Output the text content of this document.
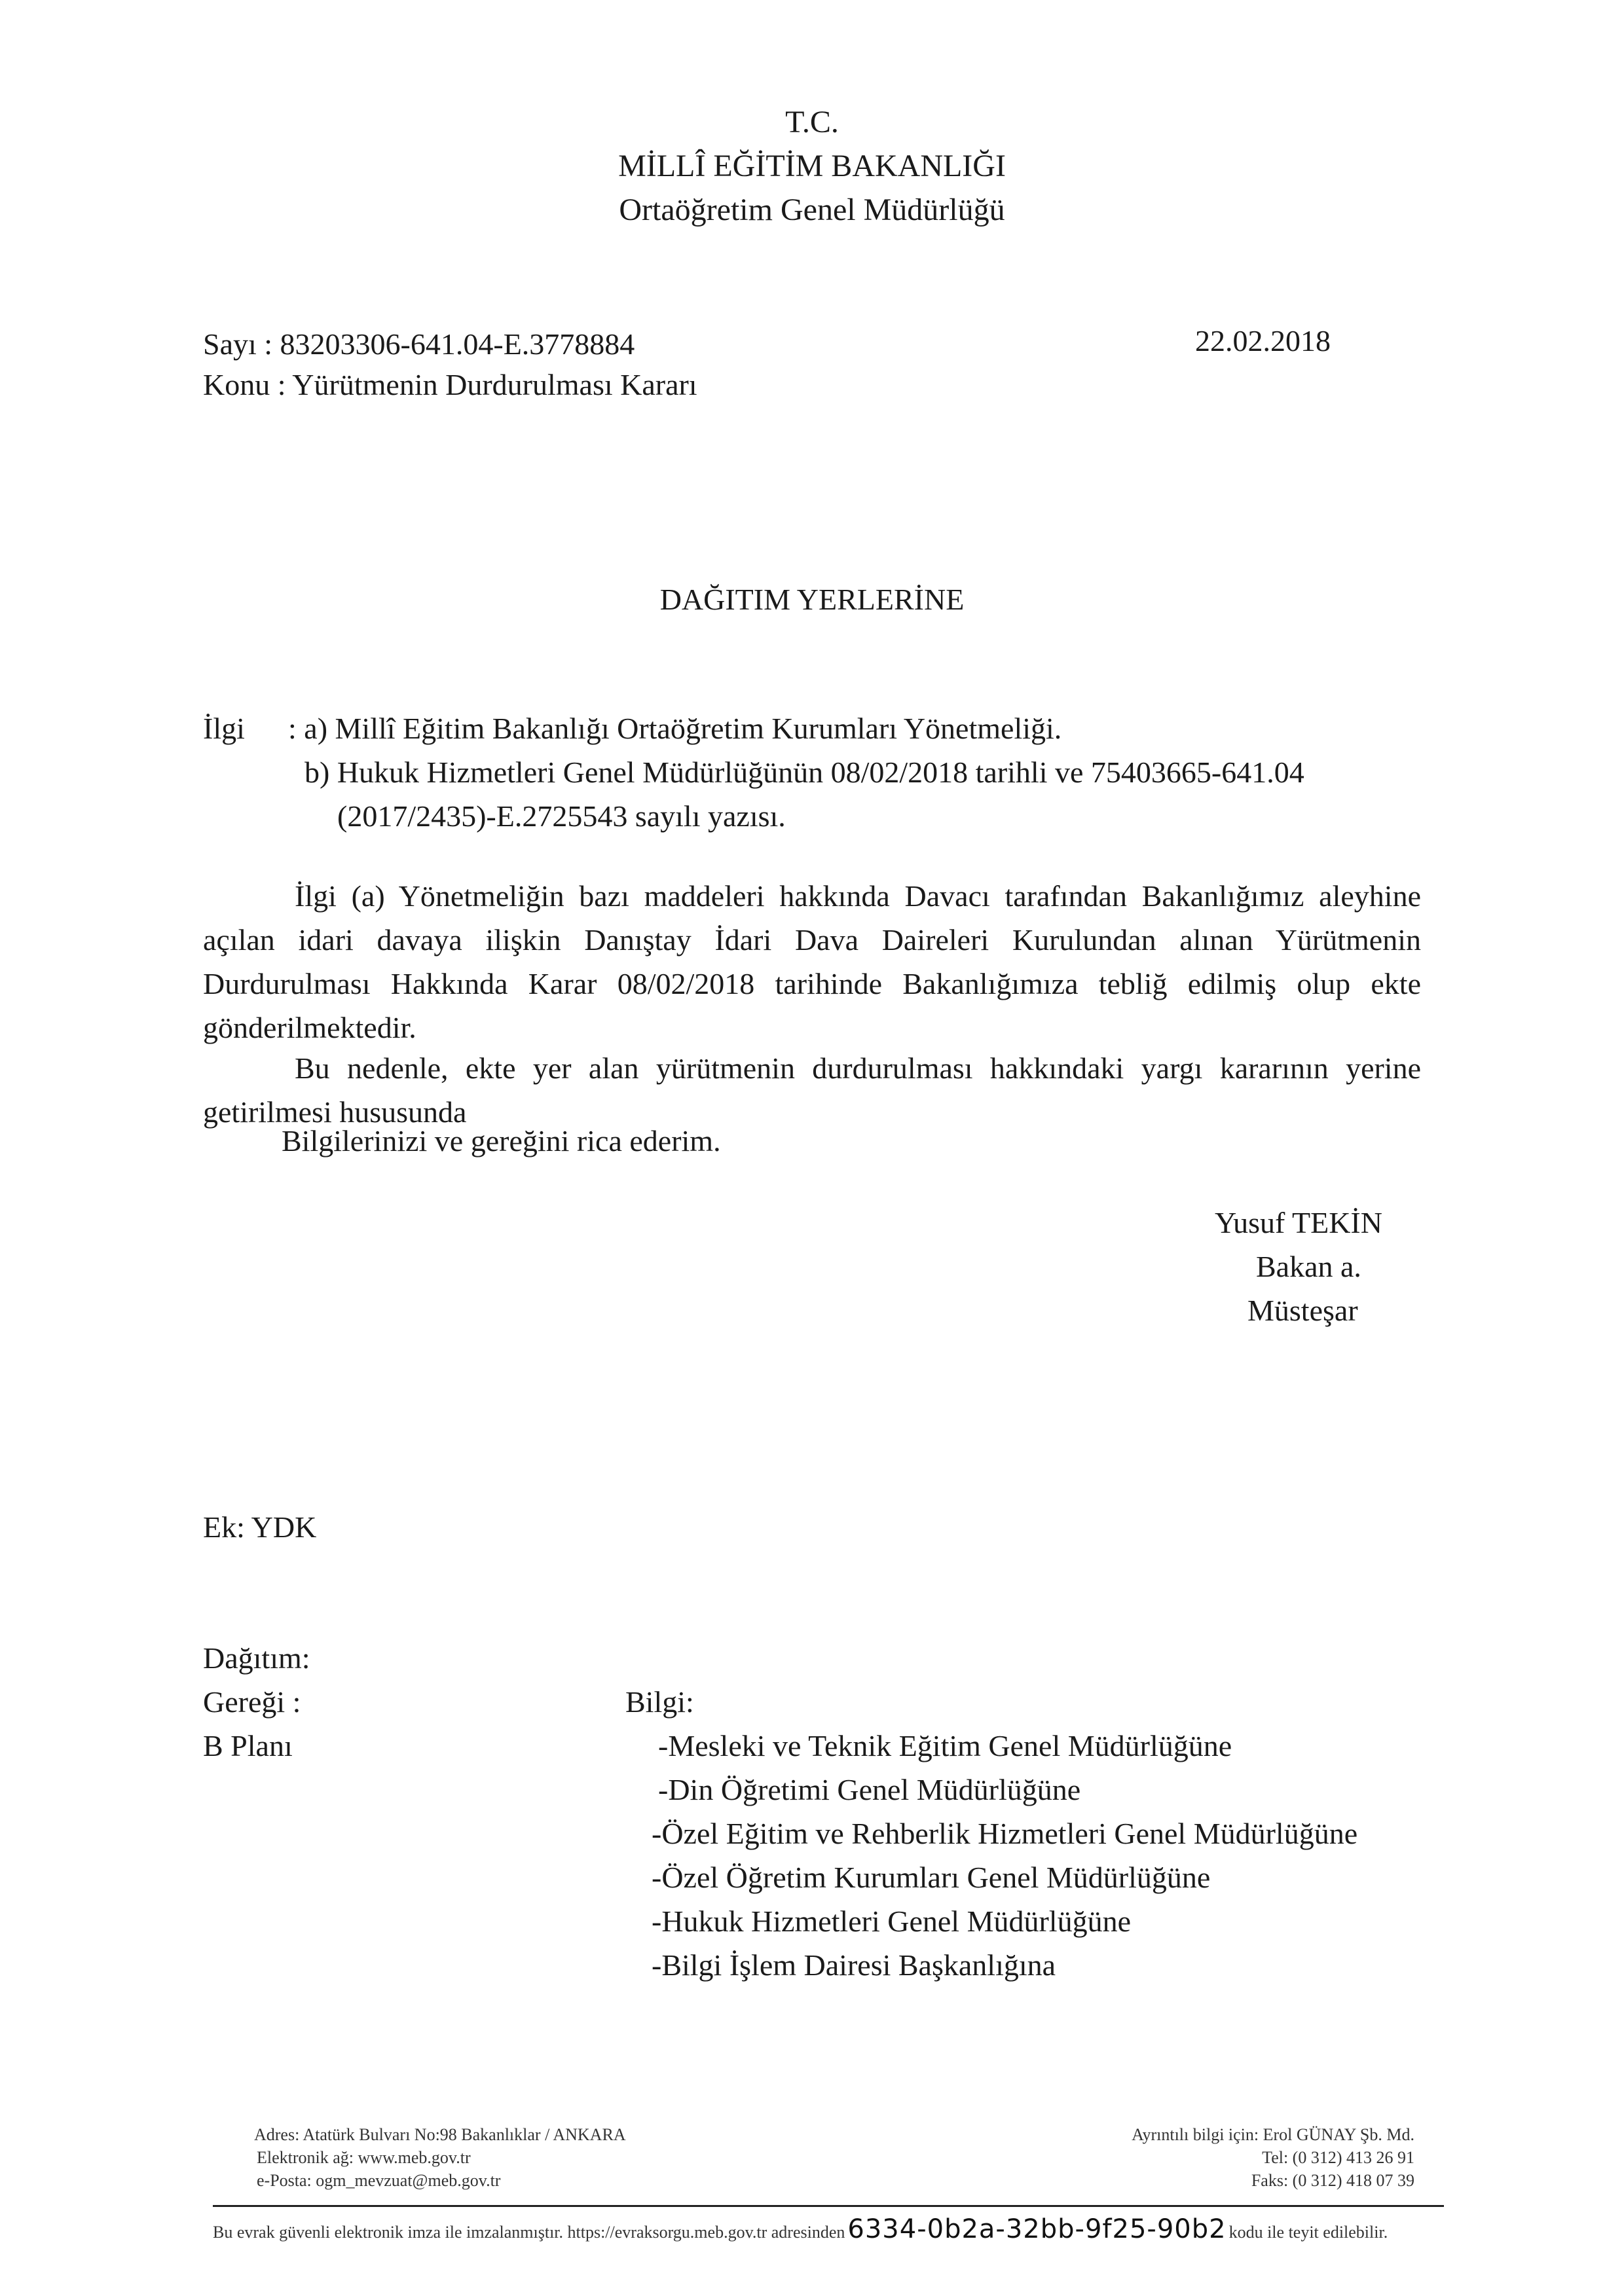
T.C.
MİLLÎ EĞİTİM BAKANLIĞI
Ortaöğretim Genel Müdürlüğü
Sayı : 83203306-641.04-E.3778884	22.02.2018
Konu : Yürütmenin Durdurulması Kararı
DAĞITIM YERLERİNE
İlgi : a) Millî Eğitim Bakanlığı Ortaöğretim Kurumları Yönetmeliği.
b) Hukuk Hizmetleri Genel Müdürlüğünün 08/02/2018 tarihli ve 75403665-641.04
(2017/2435)-E.2725543 sayılı yazısı.
İlgi (a) Yönetmeliğin bazı maddeleri hakkında Davacı tarafından Bakanlığımız aleyhine açılan idari davaya ilişkin Danıştay İdari Dava Daireleri Kurulundan alınan Yürütmenin Durdurulması Hakkında Karar 08/02/2018 tarihinde Bakanlığımıza tebliğ edilmiş olup ekte gönderilmektedir.
Bu nedenle, ekte yer alan yürütmenin durdurulması hakkındaki yargı kararının yerine getirilmesi hususunda
Bilgilerinizi ve gereğini rica ederim.
Yusuf TEKİN
Bakan a.
Müsteşar
Ek: YDK
Dağıtım:
Gereği :
B Planı
Bilgi:
-Mesleki ve Teknik Eğitim Genel Müdürlüğüne
-Din Öğretimi Genel Müdürlüğüne
-Özel Eğitim ve Rehberlik Hizmetleri Genel Müdürlüğüne
-Özel Öğretim Kurumları Genel Müdürlüğüne
-Hukuk Hizmetleri Genel Müdürlüğüne
-Bilgi İşlem Dairesi Başkanlığına
Adres: Atatürk Bulvarı No:98 Bakanlıklar / ANKARA
Elektronik ağ: www.meb.gov.tr
e-Posta: ogm_mevzuat@meb.gov.tr
Ayrıntılı bilgi için: Erol GÜNAY Şb. Md.
Tel: (0 312) 413 26 91
Faks: (0 312) 418 07 39
Bu evrak güvenli elektronik imza ile imzalanmıştır. https://evraksorgu.meb.gov.tr adresinden 6334-0b2a-32bb-9f25-90b2 kodu ile teyit edilebilir.
